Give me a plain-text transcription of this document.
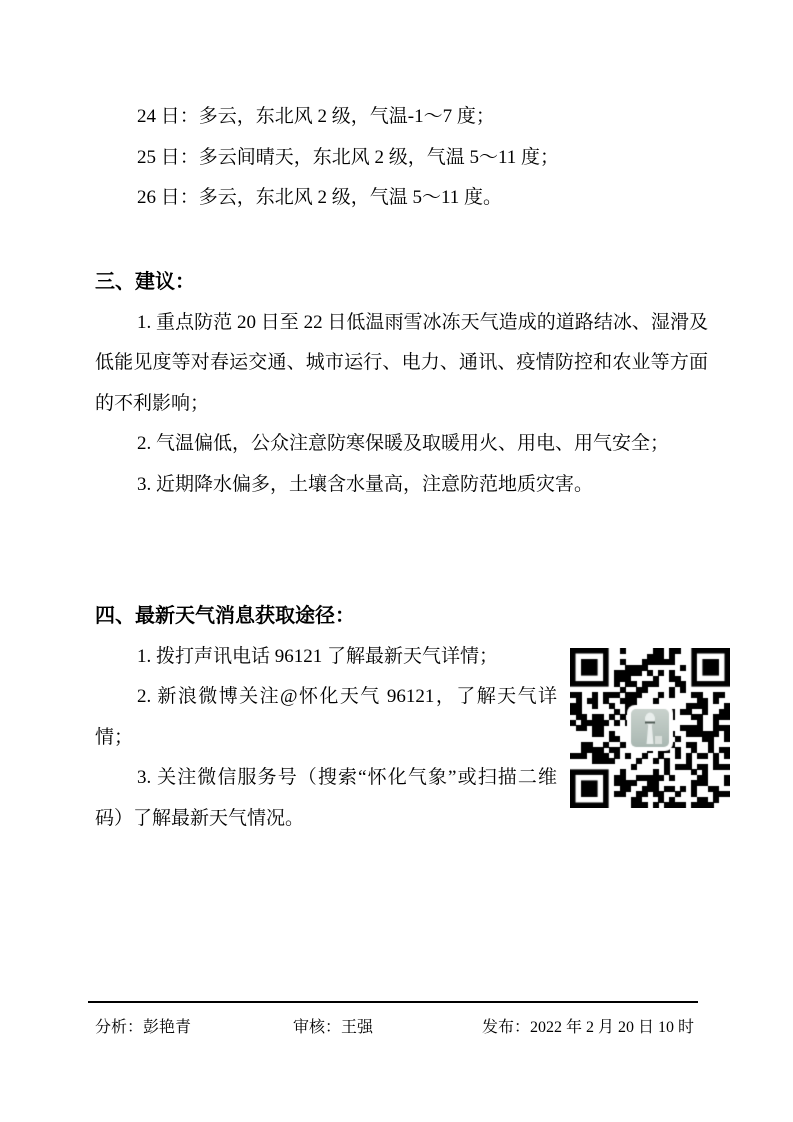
24 日：多云，东北风 2 级，气温-1～7 度；

25 日：多云间晴天，东北风 2 级，气温 5～11 度；

26 日：多云，东北风 2 级，气温 5～11 度。

三、建议：

1. 重点防范 20 日至 22 日低温雨雪冰冻天气造成的道路结冰、湿滑及低能见度等对春运交通、城市运行、电力、通讯、疫情防控和农业等方面的不利影响；

2. 气温偏低，公众注意防寒保暖及取暖用火、用电、用气安全；

3. 近期降水偏多，土壤含水量高，注意防范地质灾害。

四、最新天气消息获取途径：

1. 拨打声讯电话 96121 了解最新天气详情；

2. 新浪微博关注@怀化天气 96121，了解天气详情；

3. 关注微信服务号（搜索“怀化气象”或扫描二维码）了解最新天气情况。

分析：彭艳青	审核：王强	发布：2022 年 2 月 20 日 10 时
